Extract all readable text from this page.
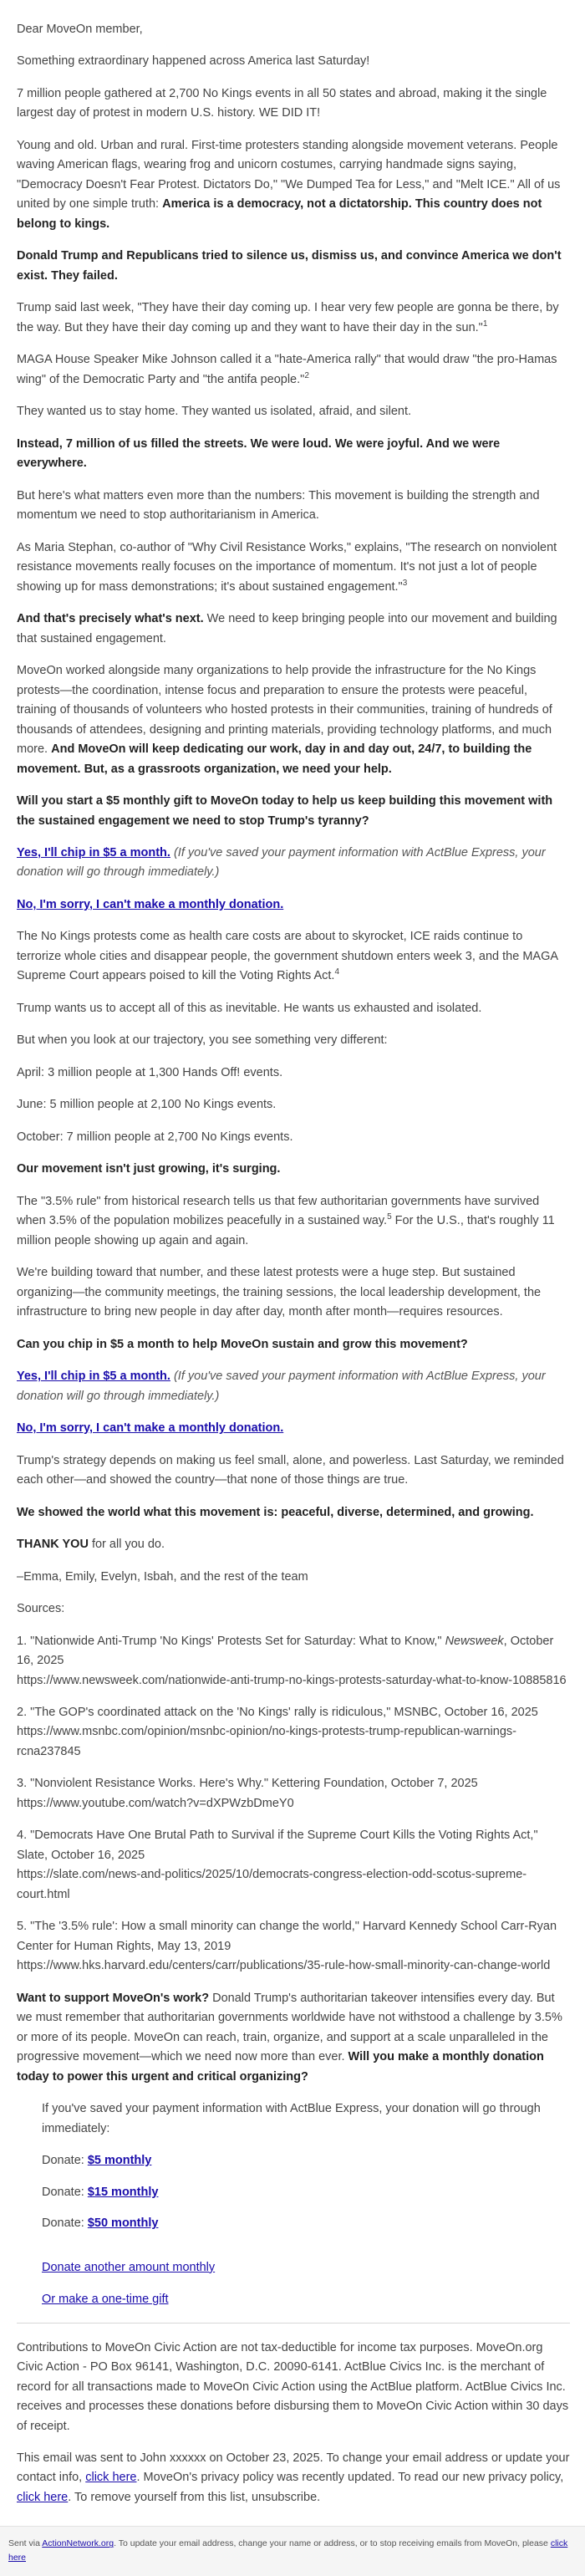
Dear MoveOn member,

Something extraordinary happened across America last Saturday!

7 million people gathered at 2,700 No Kings events in all 50 states and abroad, making it the single largest day of protest in modern U.S. history. WE DID IT!

Young and old. Urban and rural. First-time protesters standing alongside movement veterans. People waving American flags, wearing frog and unicorn costumes, carrying handmade signs saying, "Democracy Doesn't Fear Protest. Dictators Do," "We Dumped Tea for Less," and "Melt ICE." All of us united by one simple truth: America is a democracy, not a dictatorship. This country does not belong to kings.

Donald Trump and Republicans tried to silence us, dismiss us, and convince America we don't exist. They failed.

Trump said last week, "They have their day coming up. I hear very few people are gonna be there, by the way. But they have their day coming up and they want to have their day in the sun."$^1$

MAGA House Speaker Mike Johnson called it a "hate-America rally" that would draw "the pro-Hamas wing" of the Democratic Party and "the antifa people."$^2$

They wanted us to stay home. They wanted us isolated, afraid, and silent.

Instead, 7 million of us filled the streets. We were loud. We were joyful. And we were everywhere.

But here's what matters even more than the numbers: This movement is building the strength and momentum we need to stop authoritarianism in America.

As Maria Stephan, co-author of "Why Civil Resistance Works," explains, "The research on nonviolent resistance movements really focuses on the importance of momentum. It's not just a lot of people showing up for mass demonstrations; it's about sustained engagement."$^3$

And that's precisely what's next. We need to keep bringing people into our movement and building that sustained engagement.

MoveOn worked alongside many organizations to help provide the infrastructure for the No Kings protests—the coordination, intense focus and preparation to ensure the protests were peaceful, training of thousands of volunteers who hosted protests in their communities, training of hundreds of thousands of attendees, designing and printing materials, providing technology platforms, and much more. And MoveOn will keep dedicating our work, day in and day out, 24/7, to building the movement. But, as a grassroots organization, we need your help.

Will you start a $5 monthly gift to MoveOn today to help us keep building this movement with the sustained engagement we need to stop Trump's tyranny?

Yes, I'll chip in $5 a month. (If you've saved your payment information with ActBlue Express, your donation will go through immediately.)

No, I'm sorry, I can't make a monthly donation.

The No Kings protests come as health care costs are about to skyrocket, ICE raids continue to terrorize whole cities and disappear people, the government shutdown enters week 3, and the MAGA Supreme Court appears poised to kill the Voting Rights Act.$^4$

Trump wants us to accept all of this as inevitable. He wants us exhausted and isolated.

But when you look at our trajectory, you see something very different:

April: 3 million people at 1,300 Hands Off! events.

June: 5 million people at 2,100 No Kings events.

October: 7 million people at 2,700 No Kings events.

Our movement isn't just growing, it's surging.

The "3.5% rule" from historical research tells us that few authoritarian governments have survived when 3.5% of the population mobilizes peacefully in a sustained way.$^5$ For the U.S., that's roughly 11 million people showing up again and again.

We're building toward that number, and these latest protests were a huge step. But sustained organizing—the community meetings, the training sessions, the local leadership development, the infrastructure to bring new people in day after day, month after month—requires resources.

Can you chip in $5 a month to help MoveOn sustain and grow this movement?

Yes, I'll chip in $5 a month. (If you've saved your payment information with ActBlue Express, your donation will go through immediately.)

No, I'm sorry, I can't make a monthly donation.

Trump's strategy depends on making us feel small, alone, and powerless. Last Saturday, we reminded each other—and showed the country—that none of those things are true.

We showed the world what this movement is: peaceful, diverse, determined, and growing.

THANK YOU for all you do.

–Emma, Emily, Evelyn, Isbah, and the rest of the team

Sources:

1. "Nationwide Anti-Trump 'No Kings' Protests Set for Saturday: What to Know," Newsweek, October 16, 2025
https://www.newsweek.com/nationwide-anti-trump-no-kings-protests-saturday-what-to-know-10885816

2. "The GOP's coordinated attack on the 'No Kings' rally is ridiculous," MSNBC, October 16, 2025
https://www.msnbc.com/opinion/msnbc-opinion/no-kings-protests-trump-republican-warnings-rcna237845

3. "Nonviolent Resistance Works. Here's Why." Kettering Foundation, October 7, 2025
https://www.youtube.com/watch?v=dXPWzbDmeY0

4. "Democrats Have One Brutal Path to Survival if the Supreme Court Kills the Voting Rights Act," Slate, October 16, 2025
https://slate.com/news-and-politics/2025/10/democrats-congress-election-odd-scotus-supreme-court.html

5. "The '3.5% rule': How a small minority can change the world," Harvard Kennedy School Carr-Ryan Center for Human Rights, May 13, 2019
https://www.hks.harvard.edu/centers/carr/publications/35-rule-how-small-minority-can-change-world

Want to support MoveOn's work? Donald Trump's authoritarian takeover intensifies every day. But we must remember that authoritarian governments worldwide have not withstood a challenge by 3.5% or more of its people. MoveOn can reach, train, organize, and support at a scale unparalleled in the progressive movement—which we need now more than ever. Will you make a monthly donation today to power this urgent and critical organizing?

If you've saved your payment information with ActBlue Express, your donation will go through immediately:

Donate: $5 monthly

Donate: $15 monthly

Donate: $50 monthly

Donate another amount monthly
Or make a one-time gift

Contributions to MoveOn Civic Action are not tax-deductible for income tax purposes. MoveOn.org Civic Action - PO Box 96141, Washington, D.C. 20090-6141. ActBlue Civics Inc. is the merchant of record for all transactions made to MoveOn Civic Action using the ActBlue platform. ActBlue Civics Inc. receives and processes these donations before disbursing them to MoveOn Civic Action within 30 days of receipt.

This email was sent to John xxxxxx on October 23, 2025. To change your email address or update your contact info, click here. MoveOn's privacy policy was recently updated. To read our new privacy policy, click here. To remove yourself from this list, unsubscribe.

Sent via ActionNetwork.org. To update your email address, change your name or address, or to stop receiving emails from MoveOn, please click here
